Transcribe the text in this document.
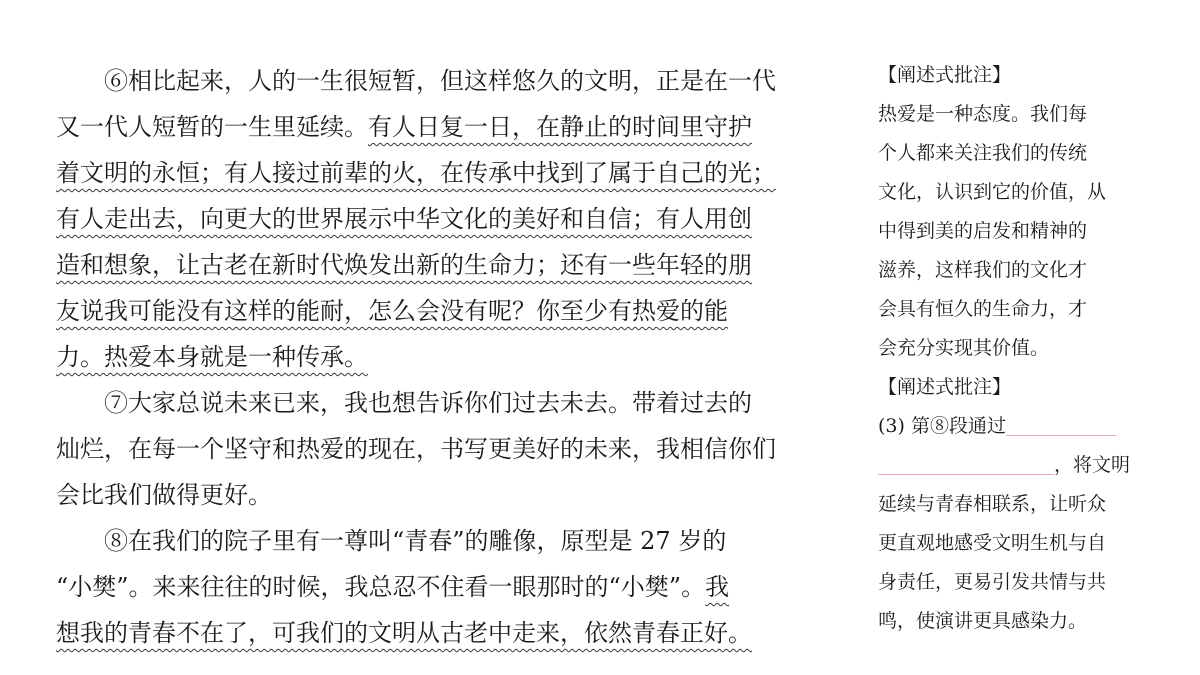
　　⑥相比起来，人的一生很短暂，但这样悠久的文明，正是在一代
又一代人短暂的一生里延续。有人日复一日，在静止的时间里守护
着文明的永恒；有人接过前辈的火，在传承中找到了属于自己的光；
有人走出去，向更大的世界展示中华文化的美好和自信；有人用创
造和想象，让古老在新时代焕发出新的生命力；还有一些年轻的朋
友说我可能没有这样的能耐，怎么会没有呢？你至少有热爱的能
力。热爱本身就是一种传承。
　　⑦大家总说未来已来，我也想告诉你们过去未去。带着过去的
灿烂，在每一个坚守和热爱的现在，书写更美好的未来，我相信你们
会比我们做得更好。
　　⑧在我们的院子里有一尊叫“青春”的雕像，原型是 27 岁的
“小樊”。来来往往的时候，我总忍不住看一眼那时的“小樊”。我
想我的青春不在了，可我们的文明从古老中走来，依然青春正好。
【阐述式批注】
热爱是一种态度。我们每
个人都来关注我们的传统
文化，认识到它的价值，从
中得到美的启发和精神的
滋养，这样我们的文化才
会具有恒久的生命力，才
会充分实现其价值。
【阐述式批注】
(3) 第⑧段通过
，将文明
延续与青春相联系，让听众
更直观地感受文明生机与自
身责任，更易引发共情与共
鸣，使演讲更具感染力。
